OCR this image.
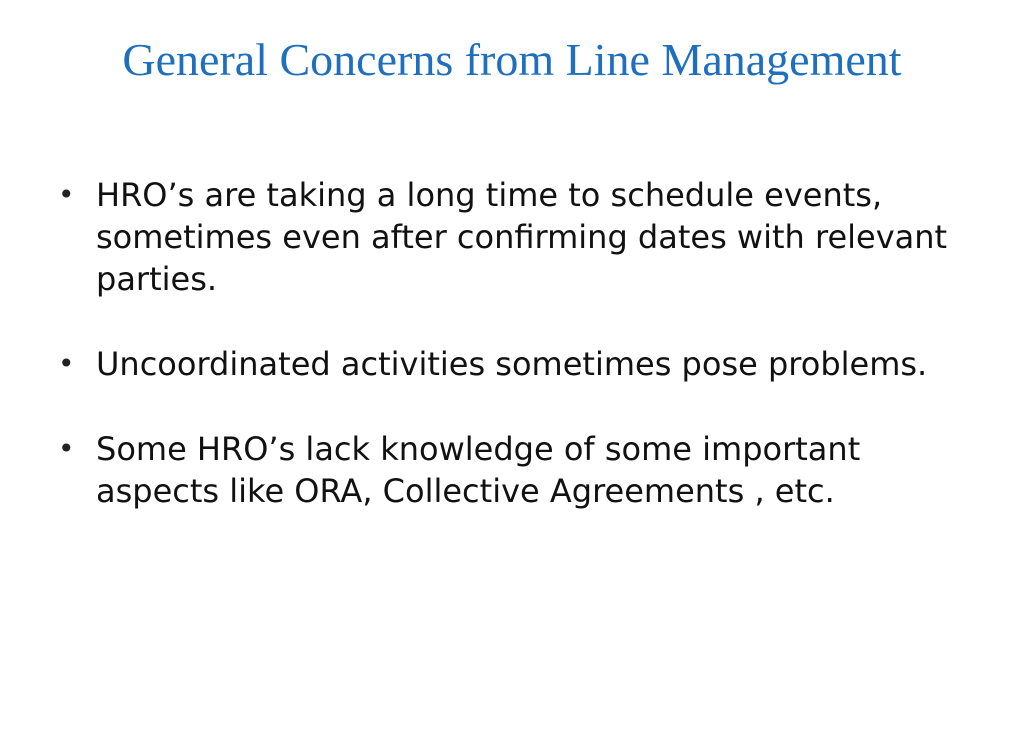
General Concerns from Line Management
• HRO’s are taking a long time to schedule events, sometimes even after confirming dates with relevant parties.
• Uncoordinated activities sometimes pose problems.
• Some HRO’s lack knowledge of some important aspects like ORA, Collective Agreements , etc.
